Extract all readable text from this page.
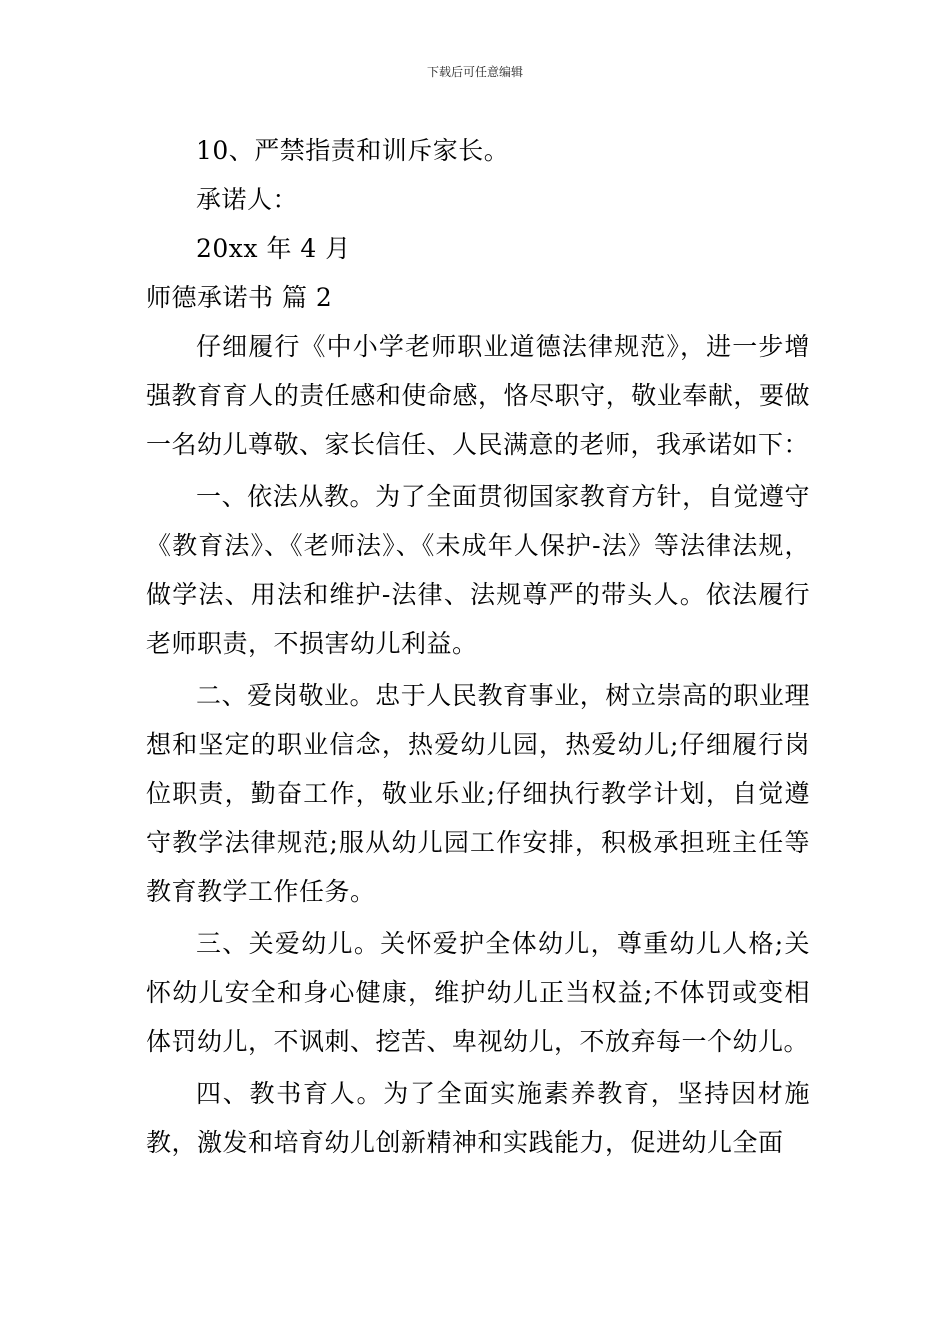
下载后可任意编辑
10、严禁指责和训斥家长。
承诺人：
20xx 年 4 月
师德承诺书 篇 2

仔细履行《中小学老师职业道德法律规范》，进一步增强教育育人的责任感和使命感，恪尽职守，敬业奉献，要做一名幼儿尊敬、家长信任、人民满意的老师，我承诺如下：

一、依法从教。为了全面贯彻国家教育方针，自觉遵守《教育法》、《老师法》、《未成年人保护-法》等法律法规，做学法、用法和维护-法律、法规尊严的带头人。依法履行老师职责，不损害幼儿利益。

二、爱岗敬业。忠于人民教育事业，树立崇高的职业理想和坚定的职业信念，热爱幼儿园，热爱幼儿;仔细履行岗位职责，勤奋工作，敬业乐业;仔细执行教学计划，自觉遵守教学法律规范;服从幼儿园工作安排，积极承担班主任等教育教学工作任务。

三、关爱幼儿。关怀爱护全体幼儿，尊重幼儿人格;关怀幼儿安全和身心健康，维护幼儿正当权益;不体罚或变相体罚幼儿，不讽刺、挖苦、卑视幼儿，不放弃每一个幼儿。

四、教书育人。为了全面实施素养教育，坚持因材施教，激发和培育幼儿创新精神和实践能力，促进幼儿全面
